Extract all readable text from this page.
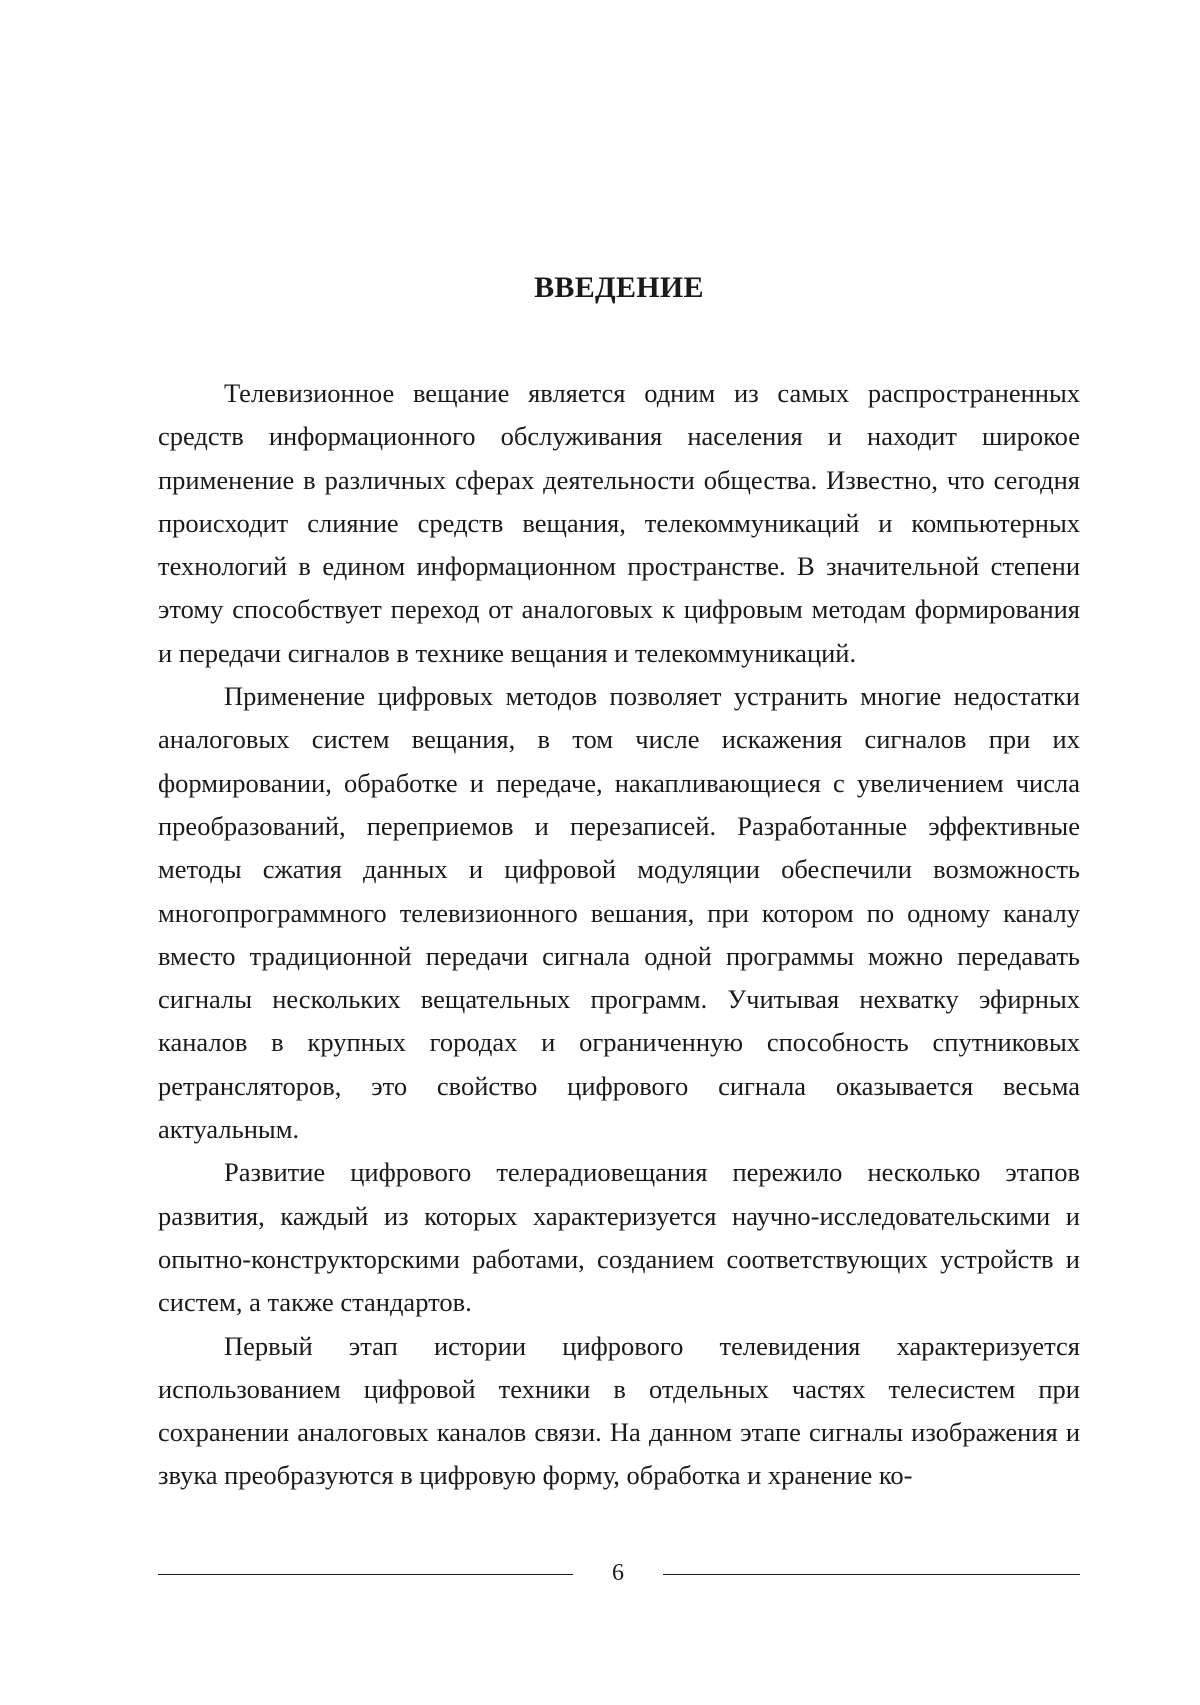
ВВЕДЕНИЕ

Телевизионное вещание является одним из самых распространенных средств информационного обслуживания населения и находит широкое применение в различных сферах деятельности общества. Известно, что сегодня происходит слияние средств вещания, телекоммуникаций и компьютерных технологий в едином информационном пространстве. В значительной степени этому способствует переход от аналоговых к цифровым методам формирования и передачи сигналов в технике вещания и телекоммуникаций.

Применение цифровых методов позволяет устранить многие недостатки аналоговых систем вещания, в том числе искажения сигналов при их формировании, обработке и передаче, накапливающиеся с увеличением числа преобразований, переприемов и перезаписей. Разработанные эффективные методы сжатия данных и цифровой модуляции обеспечили возможность многопрограммного телевизионного вешания, при котором по одному каналу вместо традиционной передачи сигнала одной программы можно передавать сигналы нескольких вещательных программ. Учитывая нехватку эфирных каналов в крупных городах и ограниченную способность спутниковых ретрансляторов, это свойство цифрового сигнала оказывается весьма актуальным.

Развитие цифрового телерадиовещания пережило несколько этапов развития, каждый из которых характеризуется научно-исследовательскими и опытно-конструкторскими работами, созданием соответствующих устройств и систем, а также стандартов.

Первый этап истории цифрового телевидения характеризуется использованием цифровой техники в отдельных частях телесистем при сохранении аналоговых каналов связи. На данном этапе сигналы изображения и звука преобразуются в цифровую форму, обработка и хранение ко-

6
